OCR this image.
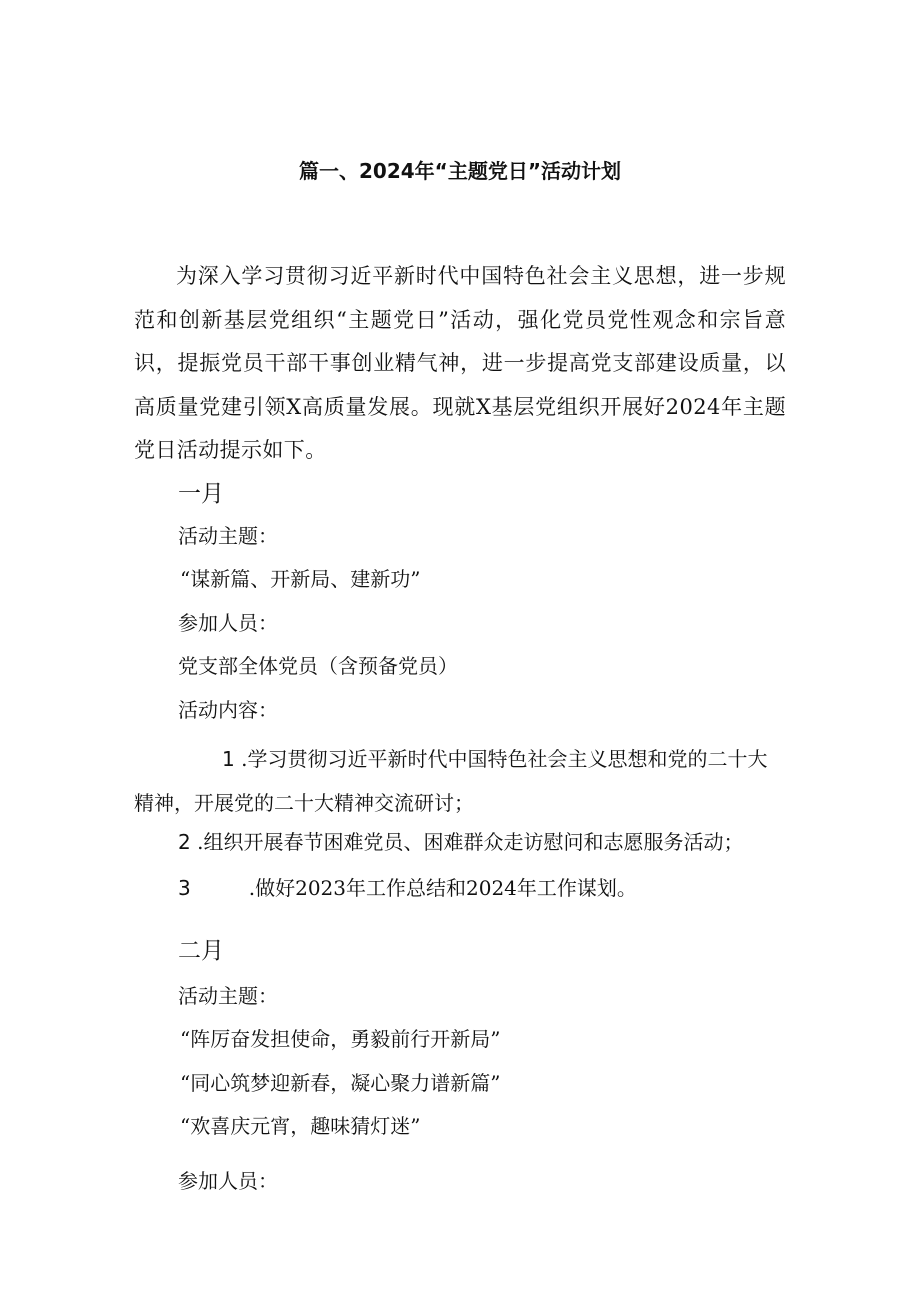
篇一、2024年“主题党日”活动计划
为深入学习贯彻习近平新时代中国特色社会主义思想，进一步规范和创新基层党组织“主题党日”活动，强化党员党性观念和宗旨意识，提振党员干部干事创业精气神，进一步提高党支部建设质量，以高质量党建引领X高质量发展。现就X基层党组织开展好2024年主题党日活动提示如下。
一月
活动主题：
“谋新篇、开新局、建新功”
参加人员：
党支部全体党员（含预备党员）
活动内容：
1 .学习贯彻习近平新时代中国特色社会主义思想和党的二十大精神，开展党的二十大精神交流研讨；
2 .组织开展春节困难党员、困难群众走访慰问和志愿服务活动；
3	.做好2023年工作总结和2024年工作谋划。
二月
活动主题：
“阵厉奋发担使命，勇毅前行开新局”
“同心筑梦迎新春，凝心聚力谱新篇”
“欢喜庆元宵，趣味猜灯迷”
参加人员：
